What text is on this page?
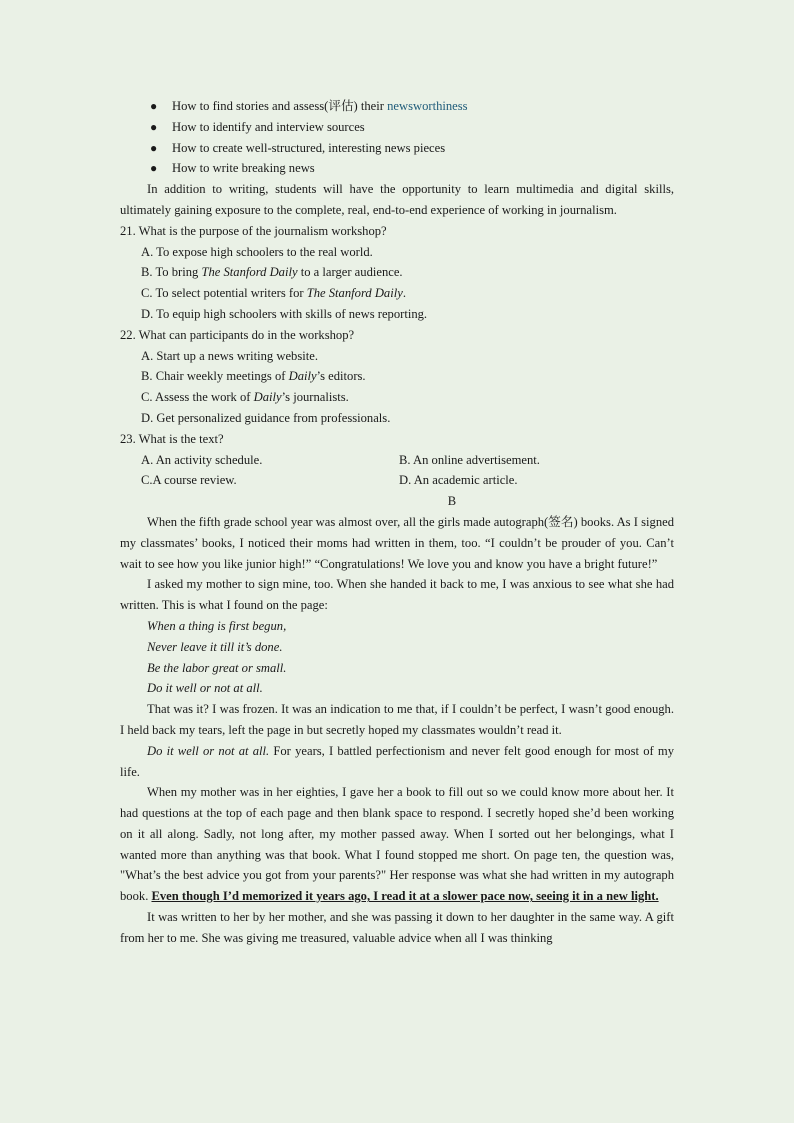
● How to find stories and assess(评估) their newsworthiness
● How to identify and interview sources
● How to create well-structured, interesting news pieces
● How to write breaking news
In addition to writing, students will have the opportunity to learn multimedia and digital skills, ultimately gaining exposure to the complete, real, end-to-end experience of working in journalism.
21. What is the purpose of the journalism workshop?
A. To expose high schoolers to the real world.
B. To bring The Stanford Daily to a larger audience.
C. To select potential writers for The Stanford Daily.
D. To equip high schoolers with skills of news reporting.
22. What can participants do in the workshop?
A. Start up a news writing website.
B. Chair weekly meetings of Daily’s editors.
C. Assess the work of Daily’s journalists.
D. Get personalized guidance from professionals.
23. What is the text?
A. An activity schedule.	B. An online advertisement.
C.A course review.	D. An academic article.
B
When the fifth grade school year was almost over, all the girls made autograph(签名) books. As I signed my classmates’ books, I noticed their moms had written in them, too. “I couldn’t be prouder of you. Can’t wait to see how you like junior high!” “Congratulations! We love you and know you have a bright future!”
I asked my mother to sign mine, too. When she handed it back to me, I was anxious to see what she had written. This is what I found on the page:
When a thing is first begun,
Never leave it till it’s done.
Be the labor great or small.
Do it well or not at all.
That was it? I was frozen. It was an indication to me that, if I couldn’t be perfect, I wasn’t good enough. I held back my tears, left the page in but secretly hoped my classmates wouldn’t read it.
Do it well or not at all. For years, I battled perfectionism and never felt good enough for most of my life.
When my mother was in her eighties, I gave her a book to fill out so we could know more about her. It had questions at the top of each page and then blank space to respond. I secretly hoped she’d been working on it all along. Sadly, not long after, my mother passed away. When I sorted out her belongings, what I wanted more than anything was that book. What I found stopped me short. On page ten, the question was, "What’s the best advice you got from your parents?" Her response was what she had written in my autograph book. Even though I’d memorized it years ago, I read it at a slower pace now, seeing it in a new light.
It was written to her by her mother, and she was passing it down to her daughter in the same way. A gift from her to me. She was giving me treasured, valuable advice when all I was thinking
